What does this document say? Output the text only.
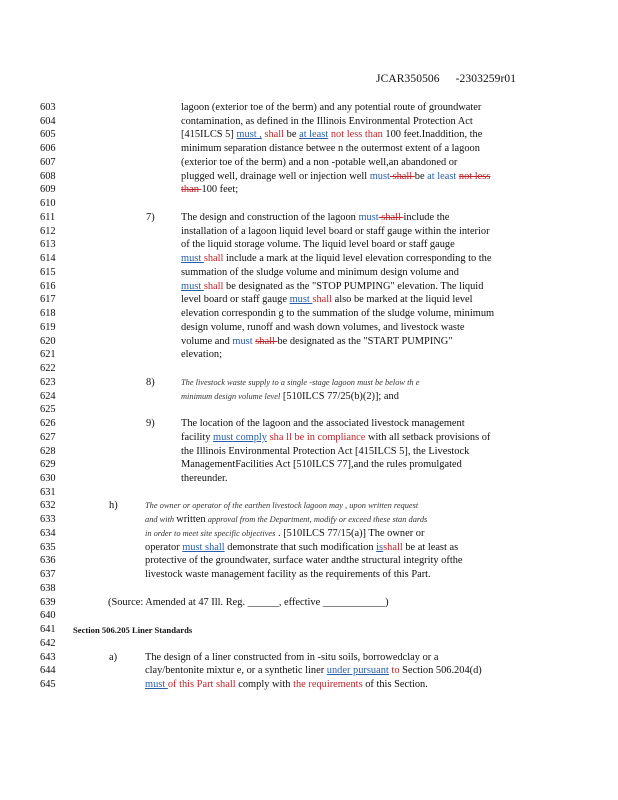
JCAR350506 -2303259r01
603	lagoon (exterior toe of the berm) and any potential route of groundwater
604	contamination, as defined in the Illinois Environmental Protection Act
605	[415ILCS 5] must , shall be at least not less than 100 feet.Inaddition, the
606	minimum separation distance betwee n the outermost extent of a lagoon
607	(exterior toe of the berm) and a non -potable well,an abandoned or
608	plugged well, drainage well or injection well must shall be at least not less
609	than 100 feet;
610
611	7)	The design and construction of the lagoon must shall include the
612	installation of a lagoon liquid level board or staff gauge within the interior
613	of the liquid storage volume. The liquid level board or staff gauge
614	must shall include a mark at the liquid level elevation corresponding to the
615	summation of the sludge volume and minimum design volume and
616	must shall be designated as the "STOP PUMPING" elevation. The liquid
617	level board or staff gauge must shall also be marked at the liquid level
618	elevation correspondin g to the summation of the sludge volume, minimum
619	design volume, runoff and wash down volumes, and livestock waste
620	volume and must shall be designated as the "START PUMPING"
621	elevation;
622
623	8)	The livestock waste supply to a single -stage lagoon must be below th e
624	minimum design volume level [510ILCS 77/25(b)(2)]; and
625
626	9)	The location of the lagoon and the associated livestock management
627	facility must comply sha ll be in compliance with all setback provisions of
628	the Illinois Environmental Protection Act [415ILCS 5], the Livestock
629	ManagementFacilities Act [510ILCS 77],and the rules promulgated
630	thereunder.
631
632	h)	The owner or operator of the earthen livestock lagoon may , upon written request
633	and with written approval from the Department, modify or exceed these stan dards
634	in order to meet site specific objectives . [510ILCS 77/15(a)] The owner or
635	operator must shall demonstrate that such modification isshall be at least as
636	protective of the groundwater, surface water andthe structural integrity ofthe
637	livestock waste management facility as the requirements of this Part.
638
639	(Source: Amended at 47 Ill. Reg. ______, effective ____________)
640
641	Section 506.205 Liner Standards
642
643	a)	The design of a liner constructed from in -situ soils, borrowedclay or a
644	clay/bentonite mixtur e, or a synthetic liner under pursuant to Section 506.204(d)
645	must of this Part shall comply with the requirements of this Section.
